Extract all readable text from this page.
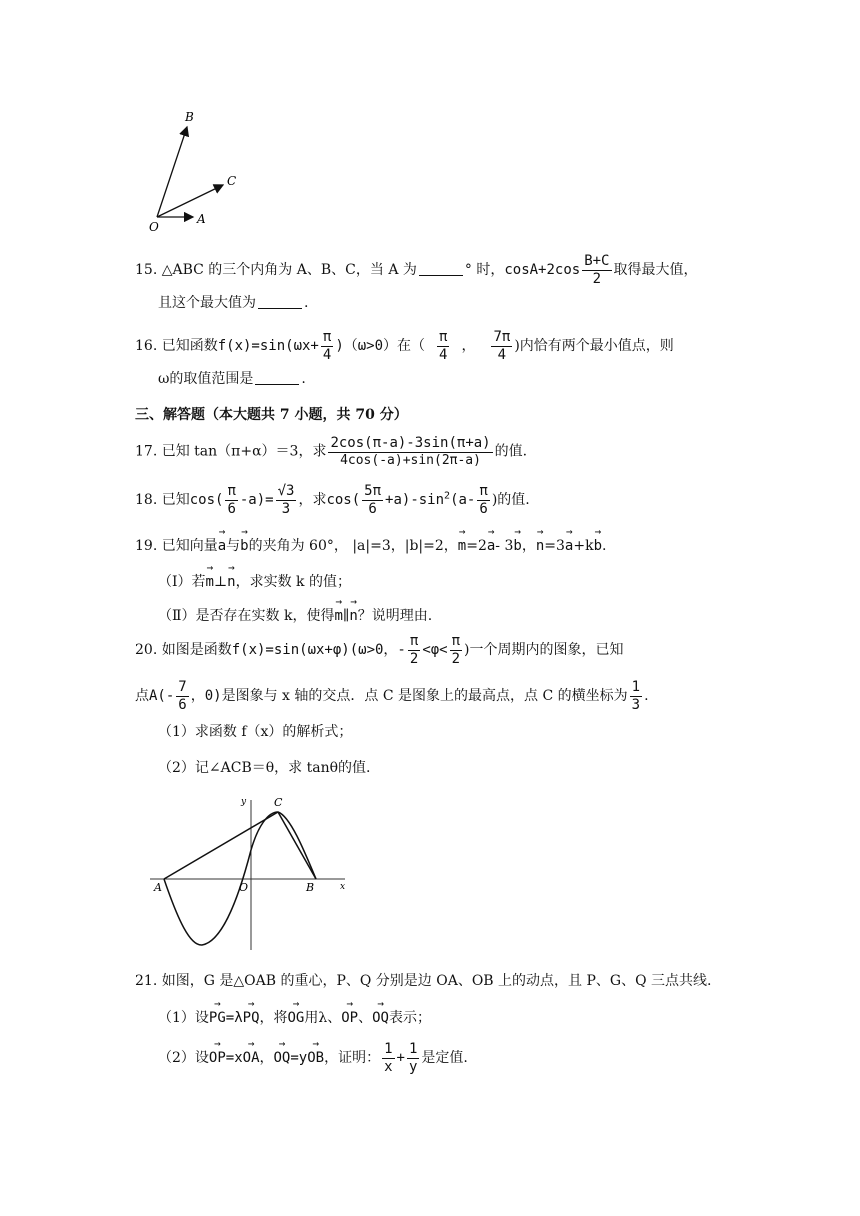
B
C
O
A
15. △ABC 的三个内角为 A、B、C，当 A 为	° 时，$\cos A+2\cos \frac{B+C}{2}$ 取得最大值，
且这个最大值为	.
16. 已知函数$f(x)=\sin(\omega x+ \frac{\pi}{4} )(\omega>0)$在（ $\frac{\pi}{4}$ ， $\frac{7\pi}{4}$ )内恰有两个最小值点，则
ω的取值范围是	.
三、解答题（本大题共 7 小题，共 70 分）
17. 已知 tan（π+α）＝3，求 $\frac{2\cos(\pi-a)-3\sin(\pi+a)}{4\cos(-a)+\sin(2\pi-a)}$ 的值.
18. 已知$\cos( \frac{\pi}{6} -a)= \frac{√3}{3}$ ，求$\cos( \frac{5\pi}{6} +a)-\sin^2(a- \frac{\pi}{6}$ )的值.
19. 已知向量→ a与→ b的夹角为 60°， |a|=3，|b|=2，→ m=2→ a- 3→ b，→ n=3→ a+k→ b.
（Ⅰ）若→ m⊥→ n，求实数 k 的值；
（Ⅱ）是否存在实数 k，使得→ m∥→ n？说明理由.
20. 如图是函数f(x)=sin(ωx+φ)(ω>0，- $\frac{\pi}{2} <\varphi< \frac{\pi}{2}$ )一个周期内的图象，已知
点$A(- \frac{7}{6}$ ，0)是图象与 x 轴的交点．点 C 是图象上的最高点，点 C 的横坐标为 $\frac{1}{3}$ .
（1）求函数 f（x）的解析式；
（2）记∠ACB＝θ，求 tanθ的值.
A	O	B
C
x
y
21. 如图，G 是△OAB 的重心，P、Q 分别是边 OA、OB 上的动点，且 P、G、Q 三点共线.
（1）设→ PG=λ→ PQ，将→ OG用λ、→ OP、→ OQ表示；
（2）设→ OP=x→ OA，→ OQ=y→ OB，证明： $\frac{1}{x} + \frac{1}{y}$ 是定值.
